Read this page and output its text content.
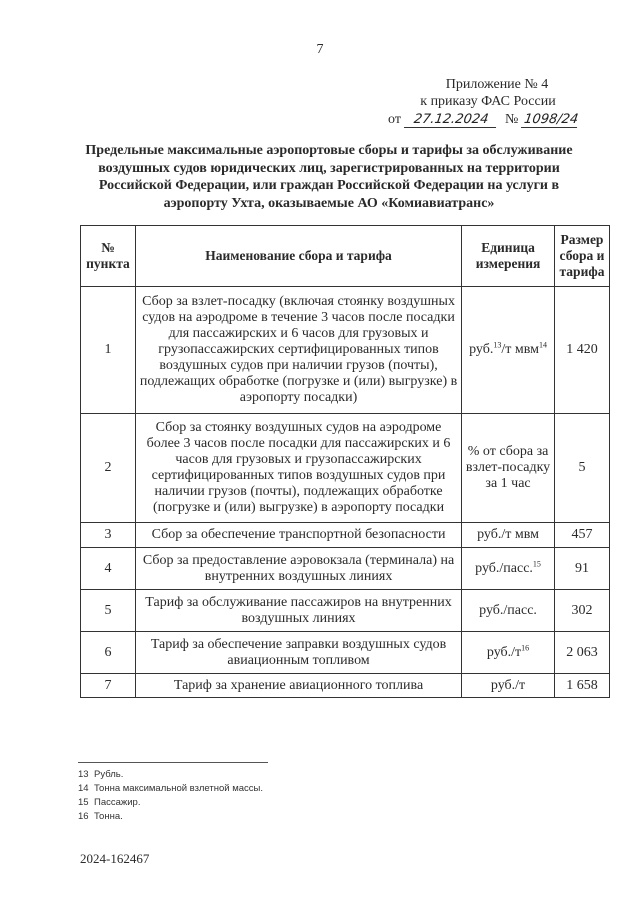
7
Приложение № 4
к приказу ФАС России
от 27.12.2024	№ 1098/24
Предельные максимальные аэропортовые сборы и тарифы за обслуживание воздушных судов юридических лиц, зарегистрированных на территории Российской Федерации, или граждан Российской Федерации на услуги в аэропорту Ухта, оказываемые АО «Комиавиатранс»
№ пункта	Наименование сбора и тарифа	Единица измерения	Размер сбора и тарифа
1	Сбор за взлет-посадку (включая стоянку воздушных судов на аэродроме в течение 3 часов после посадки для пассажирских и 6 часов для грузовых и грузопассажирских сертифицированных типов воздушных судов при наличии грузов (почты), подлежащих обработке (погрузке и (или) выгрузке) в аэропорту посадки)	руб.$^{13}$/т мвм$^{14}$	1 420
2	Сбор за стоянку воздушных судов на аэродроме более 3 часов после посадки для пассажирских и 6 часов для грузовых и грузопассажирских сертифицированных типов воздушных судов при наличии грузов (почты), подлежащих обработке (погрузке и (или) выгрузке) в аэропорту посадки	% от сбора за взлет-посадку за 1 час	5
3	Сбор за обеспечение транспортной безопасности	руб./т мвм	457
4	Сбор за предоставление аэровокзала (терминала) на внутренних воздушных линиях	руб./пасс.$^{15}$	91
5	Тариф за обслуживание пассажиров на внутренних воздушных линиях	руб./пасс.	302
6	Тариф за обеспечение заправки воздушных судов авиационным топливом	$руб./т^{16}$	2 063
7	Тариф за хранение авиационного топлива	руб./т	1 658
13 Рубль.
14 Тонна максимальной взлетной массы.
15 Пассажир.
16 Тонна.
2024-162467
